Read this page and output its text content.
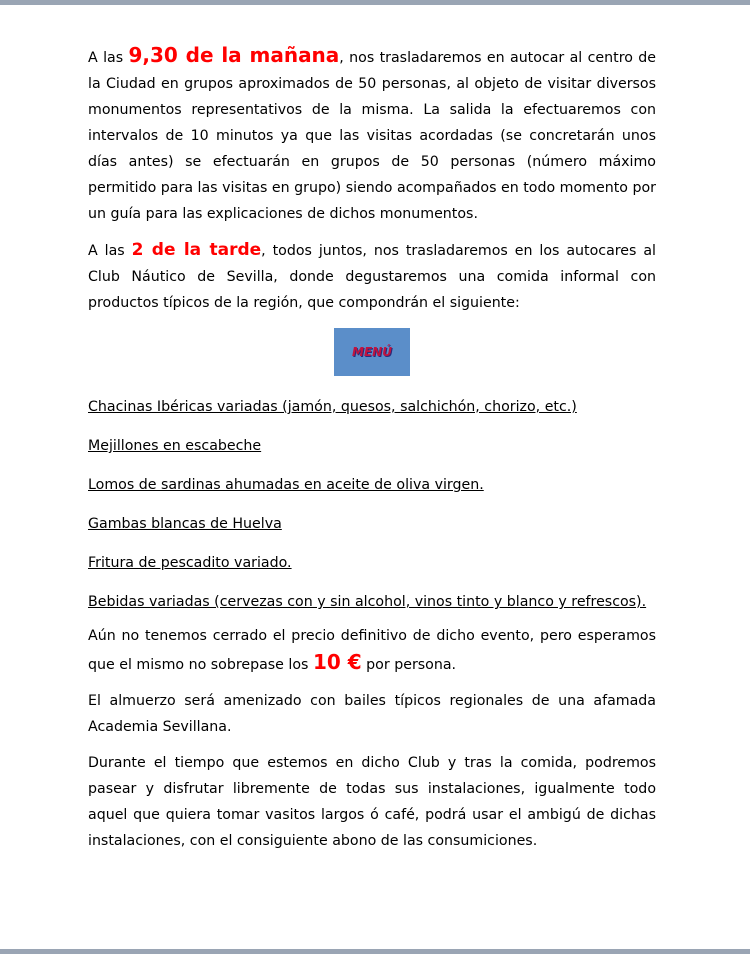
A las 9,30 de la mañana, nos trasladaremos en autocar al centro de la Ciudad en grupos aproximados de 50 personas, al objeto de visitar diversos monumentos representativos de la misma. La salida la efectuaremos con intervalos de 10 minutos ya que las visitas acordadas (se concretarán unos días antes) se efectuarán en grupos de 50 personas (número máximo permitido para las visitas en grupo) siendo acompañados en todo momento por un guía para las explicaciones de dichos monumentos.

A las 2 de la tarde, todos juntos, nos trasladaremos en los autocares al Club Náutico de Sevilla, donde degustaremos una comida informal con productos típicos de la región, que compondrán el siguiente:

MENÚ
Chacinas Ibéricas variadas (jamón, quesos, salchichón, chorizo, etc.)
Mejillones en escabeche
Lomos de sardinas ahumadas en aceite de oliva virgen.
Gambas blancas de Huelva
Fritura de pescadito variado.
Bebidas variadas (cervezas con y sin alcohol, vinos tinto y blanco y refrescos).

Aún no tenemos cerrado el precio definitivo de dicho evento, pero esperamos que el mismo no sobrepase los 10 € por persona.

El almuerzo será amenizado con bailes típicos regionales de una afamada Academia Sevillana.

Durante el tiempo que estemos en dicho Club y tras la comida, podremos pasear y disfrutar libremente de todas sus instalaciones, igualmente todo aquel que quiera tomar vasitos largos ó café, podrá usar el ambigú de dichas instalaciones, con el consiguiente abono de las consumiciones.
